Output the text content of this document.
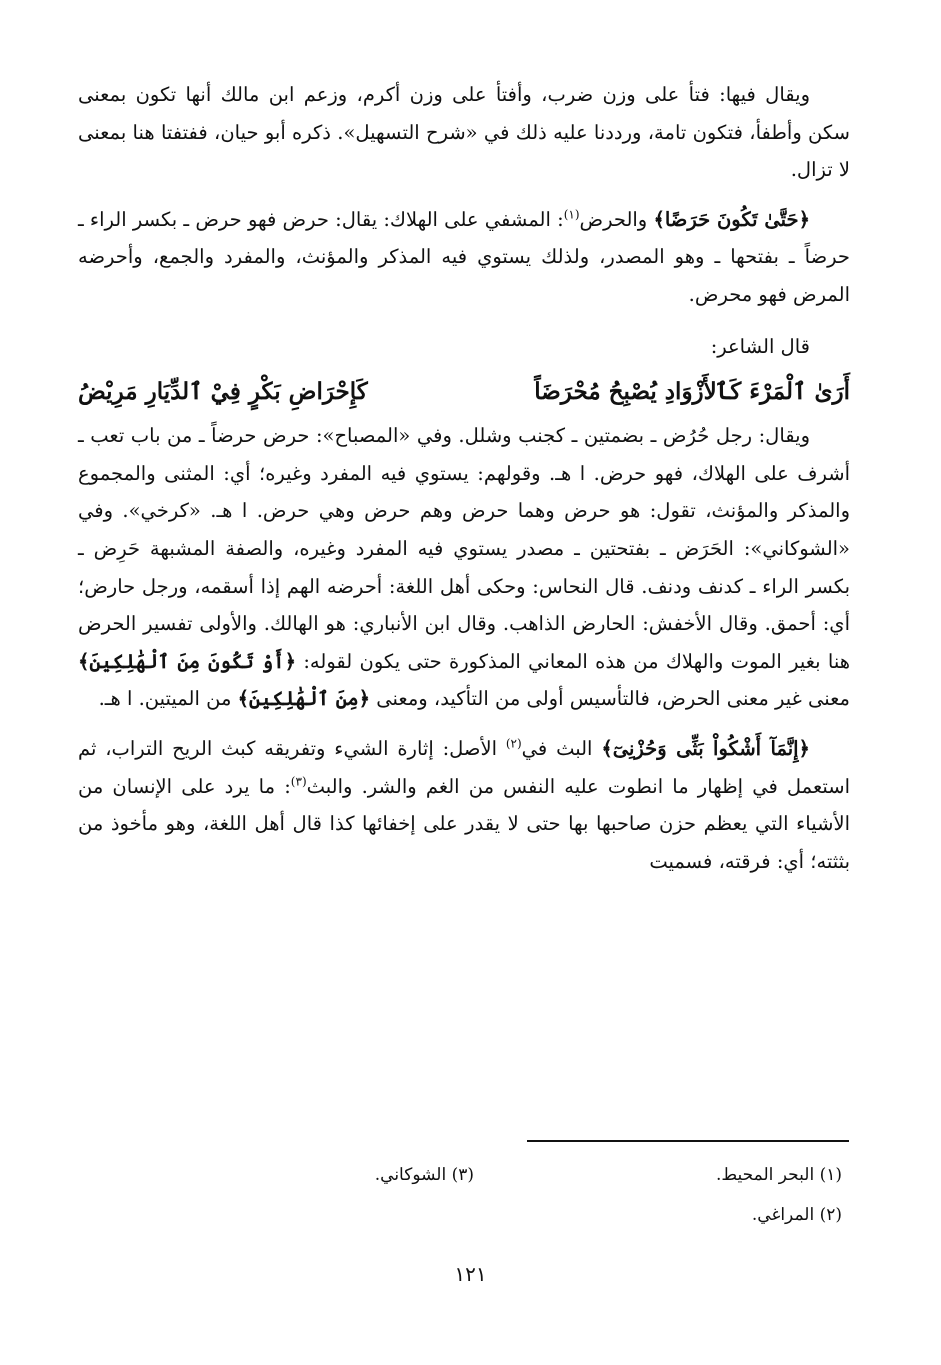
ويقال فيها: فتأ على وزن ضرب، وأفتأ على وزن أكرم، وزعم ابن مالك أنها تكون بمعنى سكن وأطفأ، فتكون تامة، ورددنا عليه ذلك في «شرح التسهيل». ذكره أبو حيان، ففتفتا هنا بمعنى لا تزال.

﴿حَتَّىٰ تَكُونَ حَرَضًا﴾ والحرض$^{(١)}$: المشفي على الهلاك: يقال: حرض فهو حرض ـ بكسر الراء ـ حرضاً ـ بفتحها ـ وهو المصدر، ولذلك يستوي فيه المذكر والمؤنث، والمفرد والجمع، وأحرضه المرض فهو محرض.

قال الشاعر:
أَرَىٰ ٱلْمَرْءَ كَٱلأَزْوَادِ يُصْبِحُ مُحْرَضَاً
كَإِحْرَاضِ بَكْرٍ فِيْ ٱلدِّيَارِ مَرِيْضُ

ويقال: رجل حُرُض ـ بضمتين ـ كجنب وشلل. وفي «المصباح»: حرض حرضاً ـ من باب تعب ـ أشرف على الهلاك، فهو حرض. ا هـ. وقولهم: يستوي فيه المفرد وغيره؛ أي: المثنى والمجموع والمذكر والمؤنث، تقول: هو حرض وهما حرض وهم حرض وهي حرض. ا هـ. «كرخي». وفي «الشوكاني»: الحَرَض ـ بفتحتين ـ مصدر يستوي فيه المفرد وغيره، والصفة المشبهة حَرِض ـ بكسر الراء ـ كدنف ودنف. قال النحاس: وحكى أهل اللغة: أحرضه الهم إذا أسقمه، ورجل حارض؛ أي: أحمق. وقال الأخفش: الحارض الذاهب. وقال ابن الأنباري: هو الهالك. والأولى تفسير الحرض هنا بغير الموت والهلاك من هذه المعاني المذكورة حتى يكون لقوله: ﴿أَوْ تَكُونَ مِنَ ٱلْهَٰلِكِينَ﴾ معنى غير معنى الحرض، فالتأسيس أولى من التأكيد، ومعنى ﴿مِنَ ٱلْهَٰلِكِينَ﴾ من الميتين. ا هـ.

﴿إِنَّمَآ أَشْكُواْ بَثِّى وَحُزْنِىٓ﴾ البث في$^{(٢)}$ الأصل: إثارة الشيء وتفريقه كبث الريح التراب، ثم استعمل في إظهار ما انطوت عليه النفس من الغم والشر. والبث$^{(٣)}$: ما يرد على الإنسان من الأشياء التي يعظم حزن صاحبها بها حتى لا يقدر على إخفائها كذا قال أهل اللغة، وهو مأخوذ من بثثته؛ أي: فرقته، فسميت

(١) البحر المحيط.
(٣) الشوكاني.
(٢) المراغي.
١٢١
